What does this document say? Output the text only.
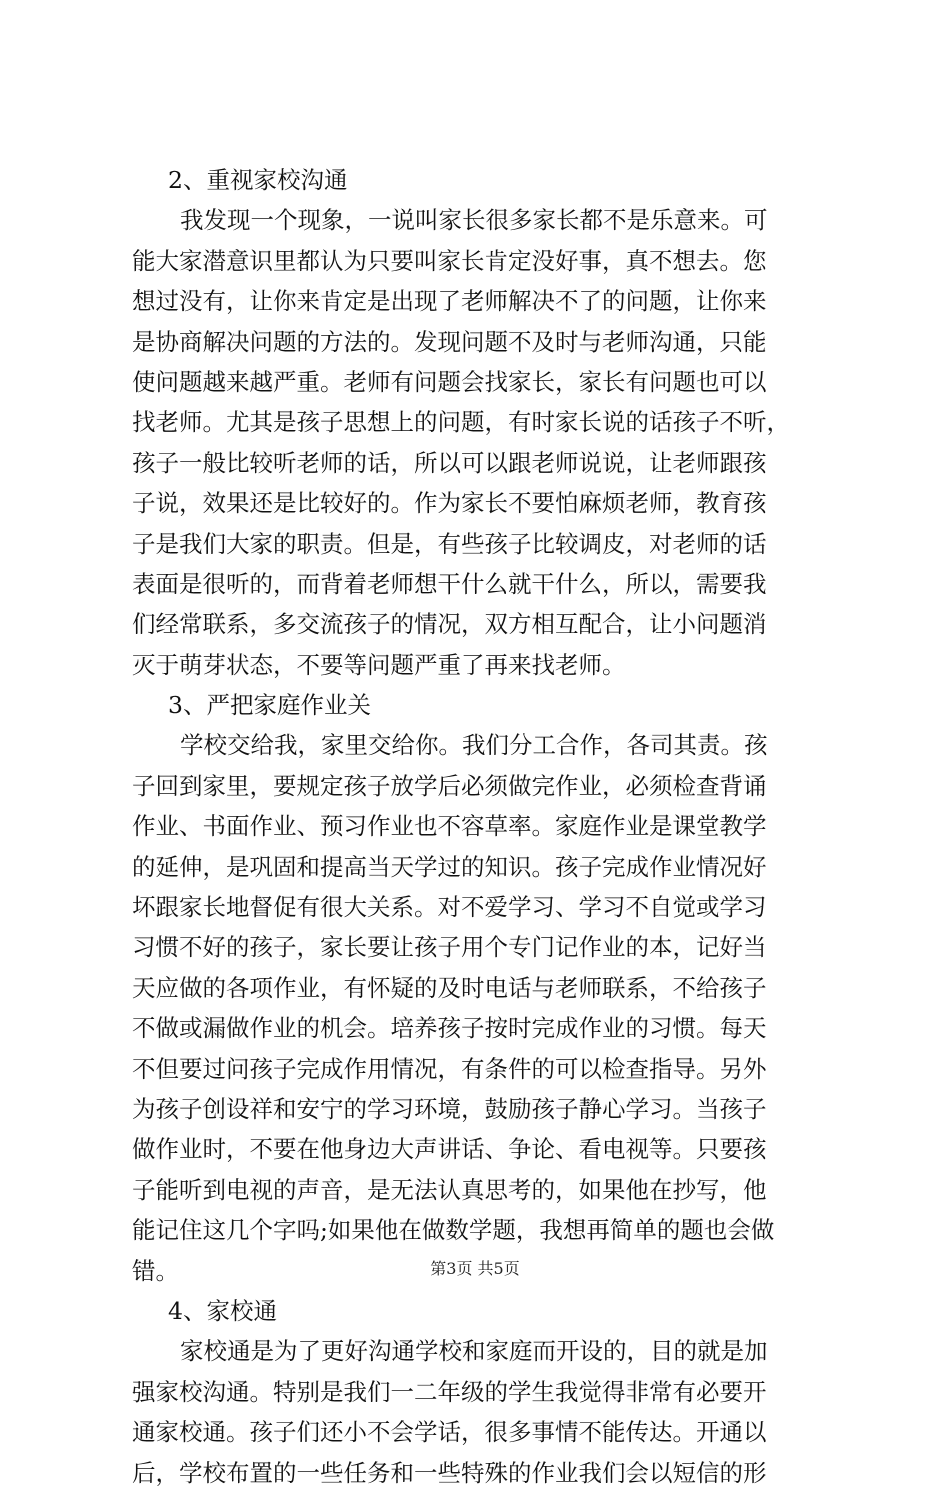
2、重视家校沟通
我发现一个现象，一说叫家长很多家长都不是乐意来。可
能大家潜意识里都认为只要叫家长肯定没好事，真不想去。您
想过没有，让你来肯定是出现了老师解决不了的问题，让你来
是协商解决问题的方法的。发现问题不及时与老师沟通，只能
使问题越来越严重。老师有问题会找家长，家长有问题也可以
找老师。尤其是孩子思想上的问题，有时家长说的话孩子不听，
孩子一般比较听老师的话，所以可以跟老师说说，让老师跟孩
子说，效果还是比较好的。作为家长不要怕麻烦老师，教育孩
子是我们大家的职责。但是，有些孩子比较调皮，对老师的话
表面是很听的，而背着老师想干什么就干什么，所以，需要我
们经常联系，多交流孩子的情况，双方相互配合，让小问题消
灭于萌芽状态，不要等问题严重了再来找老师。
3、严把家庭作业关
学校交给我，家里交给你。我们分工合作，各司其责。孩
子回到家里，要规定孩子放学后必须做完作业，必须检查背诵
作业、书面作业、预习作业也不容草率。家庭作业是课堂教学
的延伸，是巩固和提高当天学过的知识。孩子完成作业情况好
坏跟家长地督促有很大关系。对不爱学习、学习不自觉或学习
习惯不好的孩子，家长要让孩子用个专门记作业的本，记好当
天应做的各项作业，有怀疑的及时电话与老师联系，不给孩子
不做或漏做作业的机会。培养孩子按时完成作业的习惯。每天
不但要过问孩子完成作用情况，有条件的可以检查指导。另外
为孩子创设祥和安宁的学习环境，鼓励孩子静心学习。当孩子
做作业时，不要在他身边大声讲话、争论、看电视等。只要孩
子能听到电视的声音，是无法认真思考的，如果他在抄写，他
能记住这几个字吗;如果他在做数学题，我想再简单的题也会做
错。
4、家校通
家校通是为了更好沟通学校和家庭而开设的，目的就是加
强家校沟通。特别是我们一二年级的学生我觉得非常有必要开
通家校通。孩子们还小不会学话，很多事情不能传达。开通以
后，学校布置的一些任务和一些特殊的作业我们会以短信的形
第3页 共5页
